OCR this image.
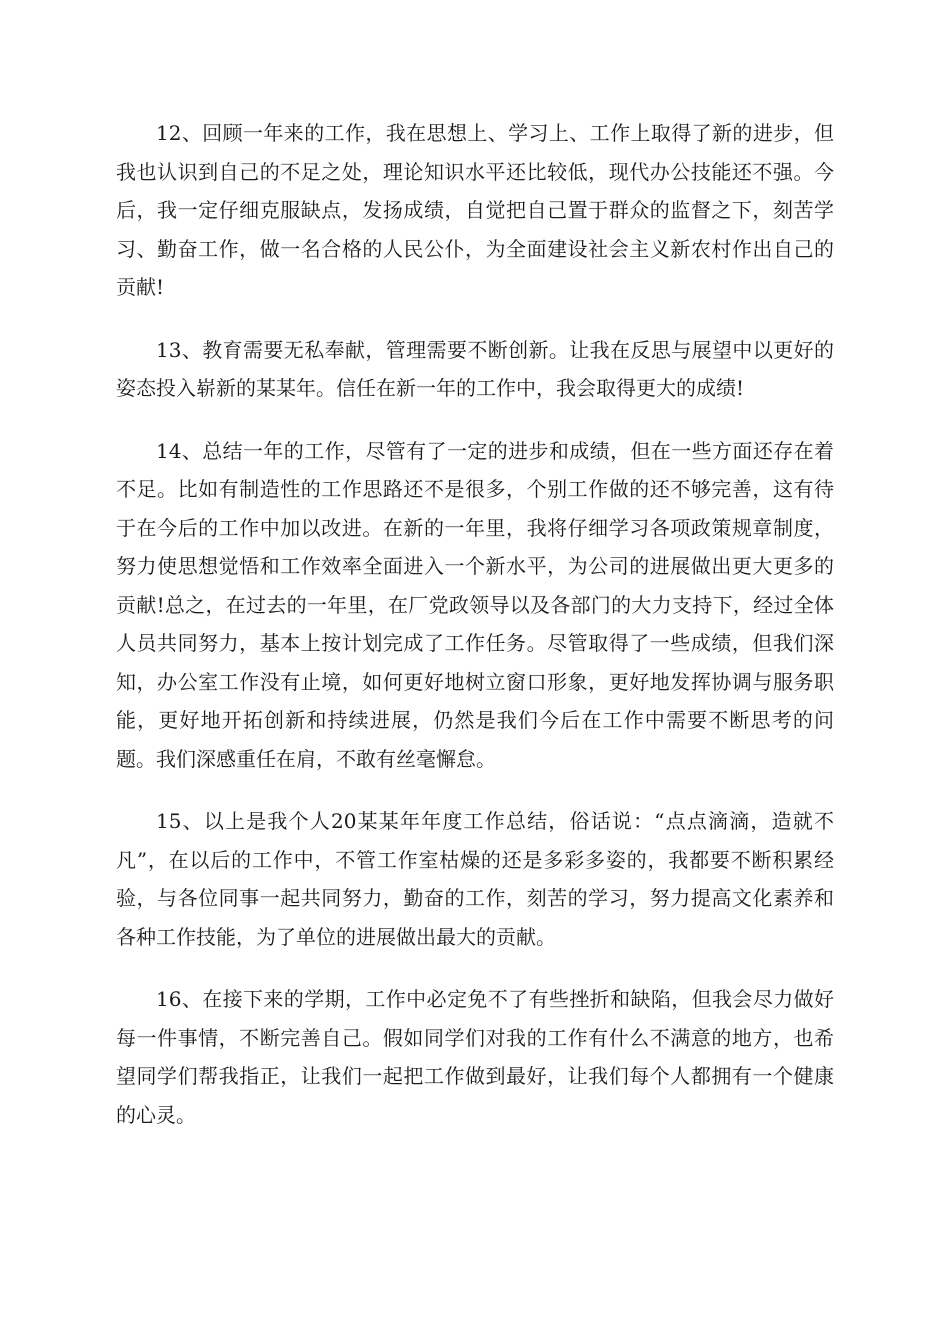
12、回顾一年来的工作，我在思想上、学习上、工作上取得了新的进步，但我也认识到自己的不足之处，理论知识水平还比较低，现代办公技能还不强。今后，我一定仔细克服缺点，发扬成绩，自觉把自己置于群众的监督之下，刻苦学习、勤奋工作，做一名合格的人民公仆，为全面建设社会主义新农村作出自己的贡献!

13、教育需要无私奉献，管理需要不断创新。让我在反思与展望中以更好的姿态投入崭新的某某年。信任在新一年的工作中，我会取得更大的成绩!

14、总结一年的工作，尽管有了一定的进步和成绩，但在一些方面还存在着不足。比如有制造性的工作思路还不是很多，个别工作做的还不够完善，这有待于在今后的工作中加以改进。在新的一年里，我将仔细学习各项政策规章制度，努力使思想觉悟和工作效率全面进入一个新水平，为公司的进展做出更大更多的贡献!总之，在过去的一年里，在厂党政领导以及各部门的大力支持下，经过全体人员共同努力，基本上按计划完成了工作任务。尽管取得了一些成绩，但我们深知，办公室工作没有止境，如何更好地树立窗口形象，更好地发挥协调与服务职能，更好地开拓创新和持续进展，仍然是我们今后在工作中需要不断思考的问题。我们深感重任在肩，不敢有丝毫懈怠。

15、以上是我个人20某某年年度工作总结，俗话说：“点点滴滴，造就不凡”，在以后的工作中，不管工作室枯燥的还是多彩多姿的，我都要不断积累经验，与各位同事一起共同努力，勤奋的工作，刻苦的学习，努力提高文化素养和各种工作技能，为了单位的进展做出最大的贡献。

16、在接下来的学期，工作中必定免不了有些挫折和缺陷，但我会尽力做好每一件事情，不断完善自己。假如同学们对我的工作有什么不满意的地方，也希望同学们帮我指正，让我们一起把工作做到最好，让我们每个人都拥有一个健康的心灵。
